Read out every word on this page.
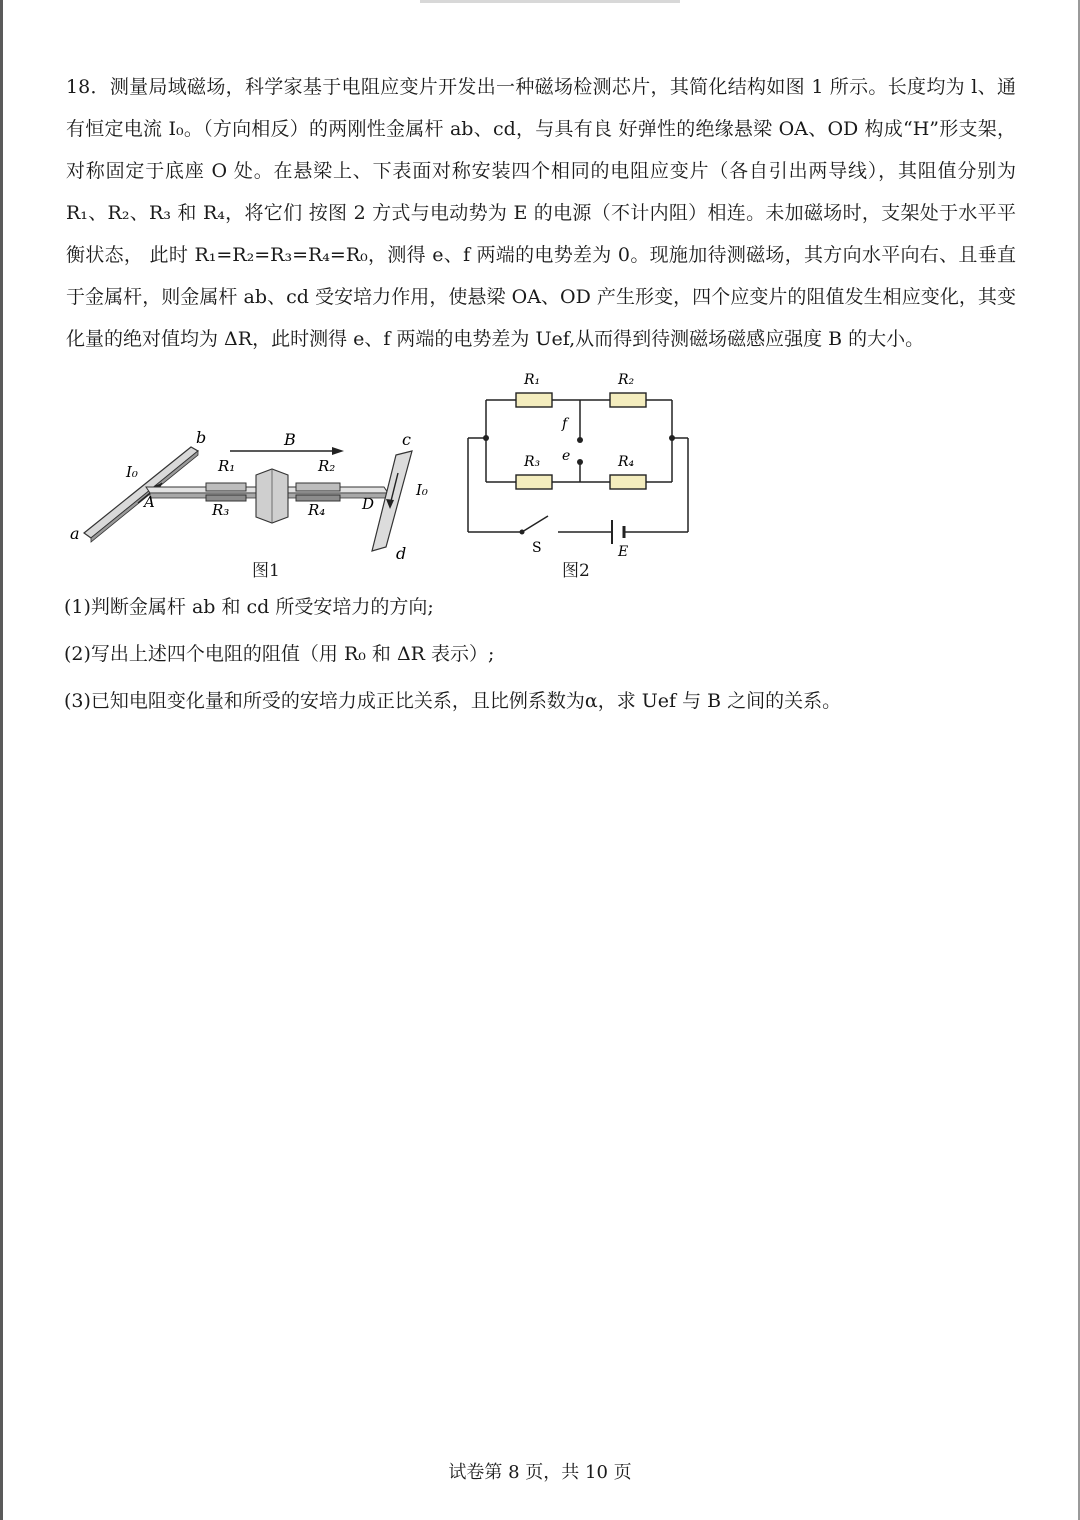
18．测量局域磁场，科学家基于电阻应变片开发出一种磁场检测芯片，其简化结构如图 1 所示。长度均为 l、通有恒定电流 I₀。（方向相反）的两刚性金属杆 ab、cd，与具有良 好弹性的绝缘悬梁 OA、OD 构成“H”形支架，对称固定于底座 O 处。在悬梁上、下表面对称安装四个相同的电阻应变片（各自引出两导线），其阻值分别为 R₁、R₂、R₃ 和 R₄，将它们 按图 2 方式与电动势为 E 的电源（不计内阻）相连。未加磁场时，支架处于水平平衡状态， 此时 R₁=R₂=R₃=R₄=R₀，测得 e、f 两端的电势差为 0。现施加待测磁场，其方向水平向右、且垂直于金属杆，则金属杆 ab、cd 受安培力作用，使悬梁 OA、OD 产生形变，四个应变片的阻值发生相应变化，其变化量的绝对值均为 ΔR，此时测得 e、f 两端的电势差为 Uef,从而得到待测磁场磁感应强度 B 的大小。

b
a
A
I₀
B
R₁
R₃
R₂
R₄ D
c
d
I₀
图1
R₁	R₂
R₃	R₄
f
e
S	E
图2

(1)判断金属杆 ab 和 cd 所受安培力的方向;

(2)写出上述四个电阻的阻值（用 R₀ 和 ΔR 表示）;

(3)已知电阻变化量和所受的安培力成正比关系，且比例系数为α，求 Uef 与 B 之间的关系。

试卷第 8 页，共 10 页
